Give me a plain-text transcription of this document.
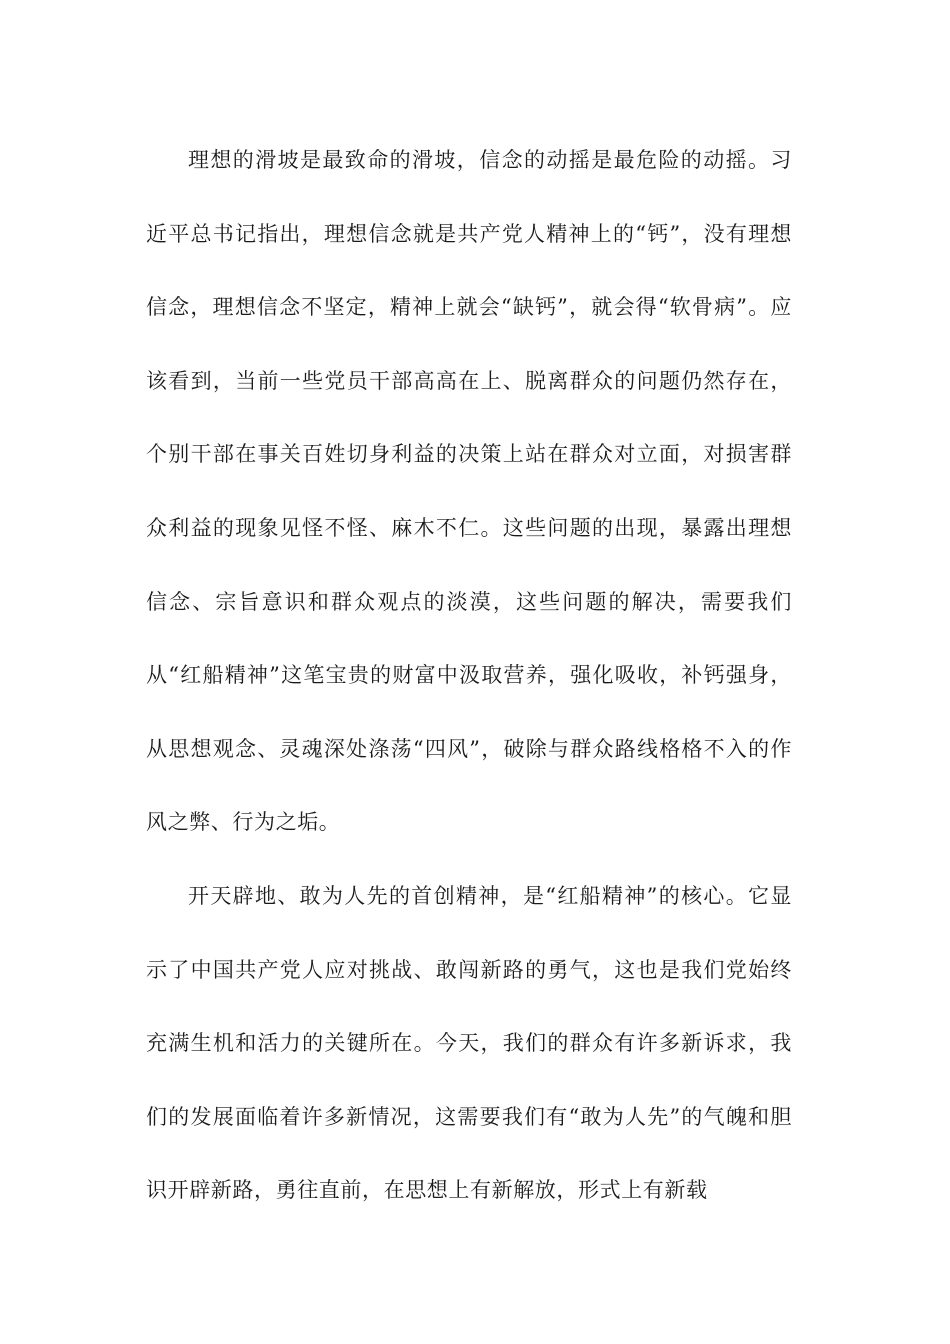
理想的滑坡是最致命的滑坡，信念的动摇是最危险的动摇。习近平总书记指出，理想信念就是共产党人精神上的“钙”，没有理想信念，理想信念不坚定，精神上就会“缺钙”，就会得“软骨病”。应该看到，当前一些党员干部高高在上、脱离群众的问题仍然存在，个别干部在事关百姓切身利益的决策上站在群众对立面，对损害群众利益的现象见怪不怪、麻木不仁。这些问题的出现，暴露出理想信念、宗旨意识和群众观点的淡漠，这些问题的解决，需要我们从“红船精神”这笔宝贵的财富中汲取营养，强化吸收，补钙强身，从思想观念、灵魂深处涤荡“四风”，破除与群众路线格格不入的作风之弊、行为之垢。

开天辟地、敢为人先的首创精神，是“红船精神”的核心。它显示了中国共产党人应对挑战、敢闯新路的勇气，这也是我们党始终充满生机和活力的关键所在。今天，我们的群众有许多新诉求，我们的发展面临着许多新情况，这需要我们有“敢为人先”的气魄和胆识开辟新路，勇往直前，在思想上有新解放，形式上有新载
